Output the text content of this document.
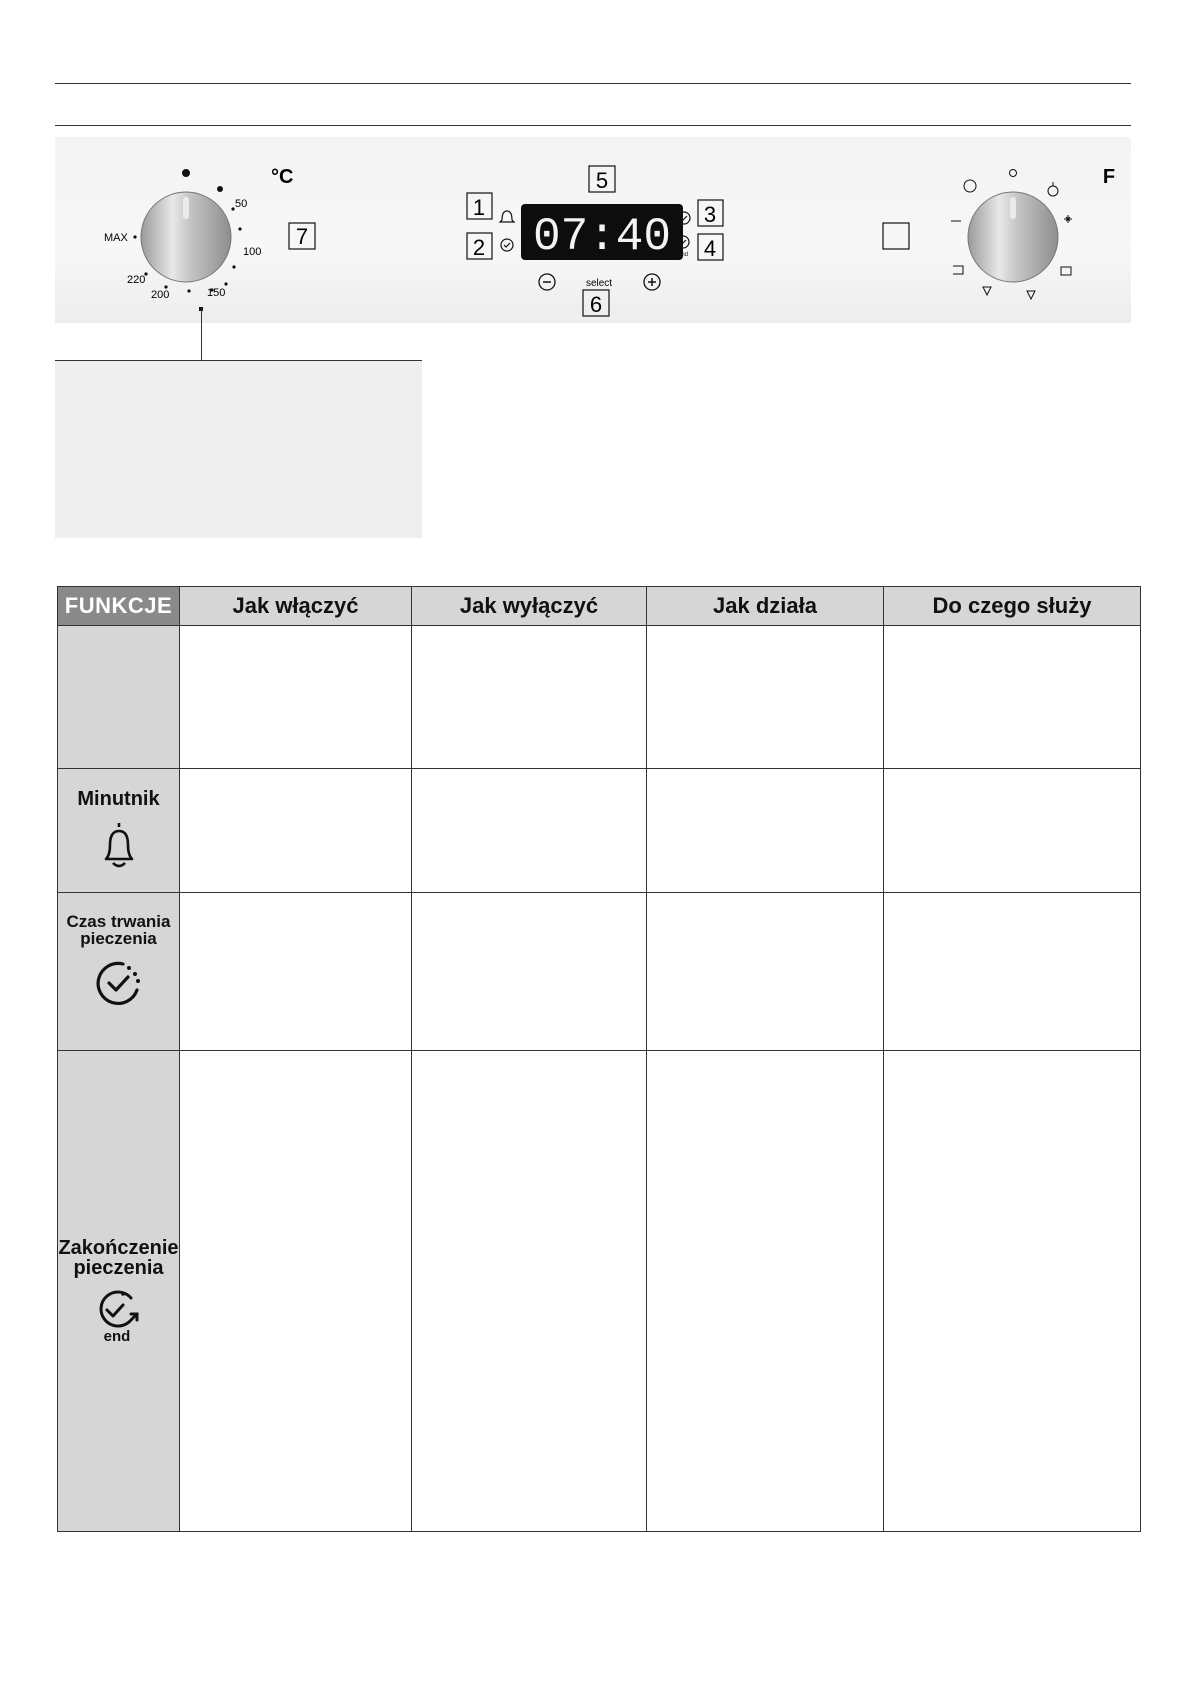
50
100
150
200
220
MAX
°C
7	07:40
1
2
3
4
5
6
end
select
F
FUNKCJE	Jak włączyć	Jak wyłączyć	Jak działa	Do czego służy

Minutnik				

Czas trwania pieczenia				

Zakończenie pieczenia
end				
